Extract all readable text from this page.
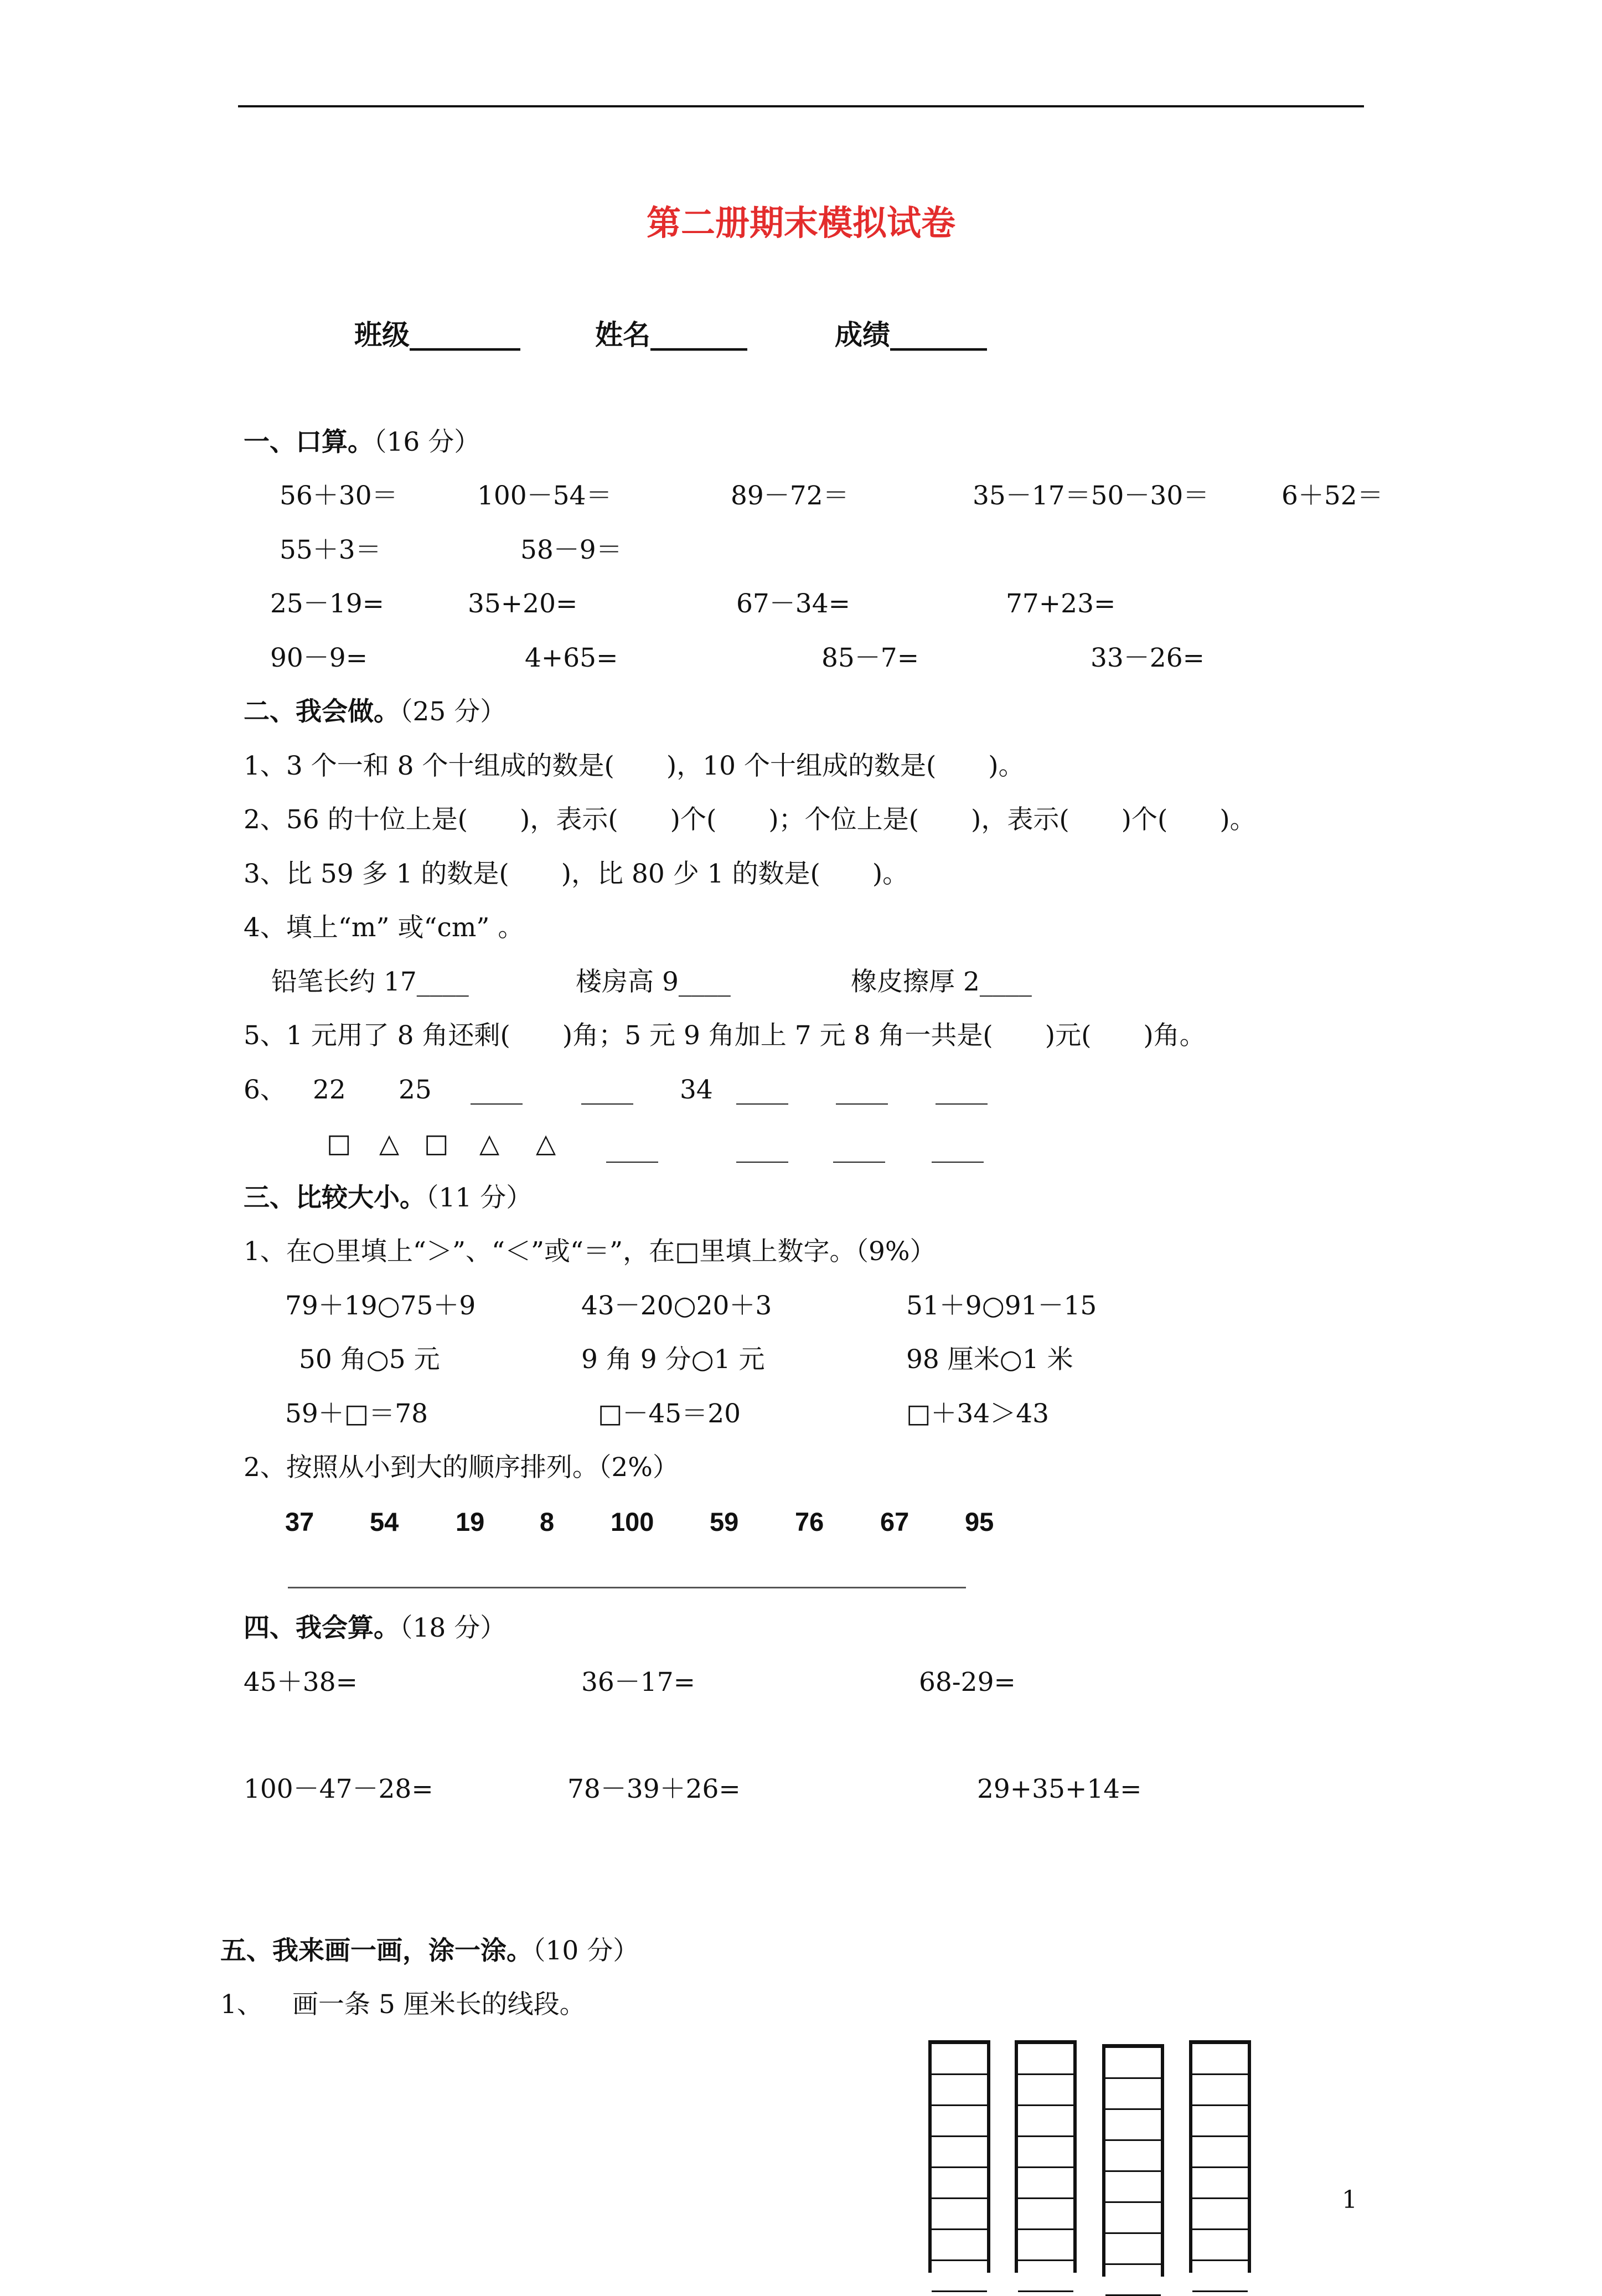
第二册期末模拟试卷
班级________	姓名_______	成绩_______
一、口算。（16 分）
56＋30＝	100－54＝	89－72＝	35－17＝50－30＝	6＋52＝
55＋3＝	58－9＝
25－19=	35+20=	67－34=	77+23=
90－9=	4+65=	85－7=	33－26=
二、我会做。（25 分）
1、3 个一和 8 个十组成的数是(　　)，10 个十组成的数是(　　)。
2、56 的十位上是(　　)，表示(　　)个(　　)；个位上是(　　)，表示(　　)个(　　)。
3、比 59 多 1 的数是(　　)，比 80 少 1 的数是(　　)。
4、填上“m” 或“cm” 。
铅笔长约 17____	楼房高 9____	橡皮擦厚 2____
5、1 元用了 8 角还剩(　　)角；5 元 9 角加上 7 元 8 角一共是(　　)元(　　)角。
6、 22 25 ____ ____ 34 ____ ____ ____
□ △ □ △ △ ____	____ ____ ____
三、比较大小。（11 分）
1、在○里填上“＞”、“＜”或“＝”，在□里填上数字。（9%）
79＋19○75＋9	43－20○20＋3	51＋9○91－15
50 角○5 元	9 角 9 分○1 元	98 厘米○1 米
59＋□＝78	□－45＝20	□＋34＞43
2、按照从小到大的顺序排列。（2%）
37 54 19 8 100 59 76 67 95
四、我会算。（18 分）
45＋38=	36－17=	68-29=
100－47－28=	78－39＋26=	29+35+14=
五、我来画一画，涂一涂。（10 分）
1、 画一条 5 厘米长的线段。
1
